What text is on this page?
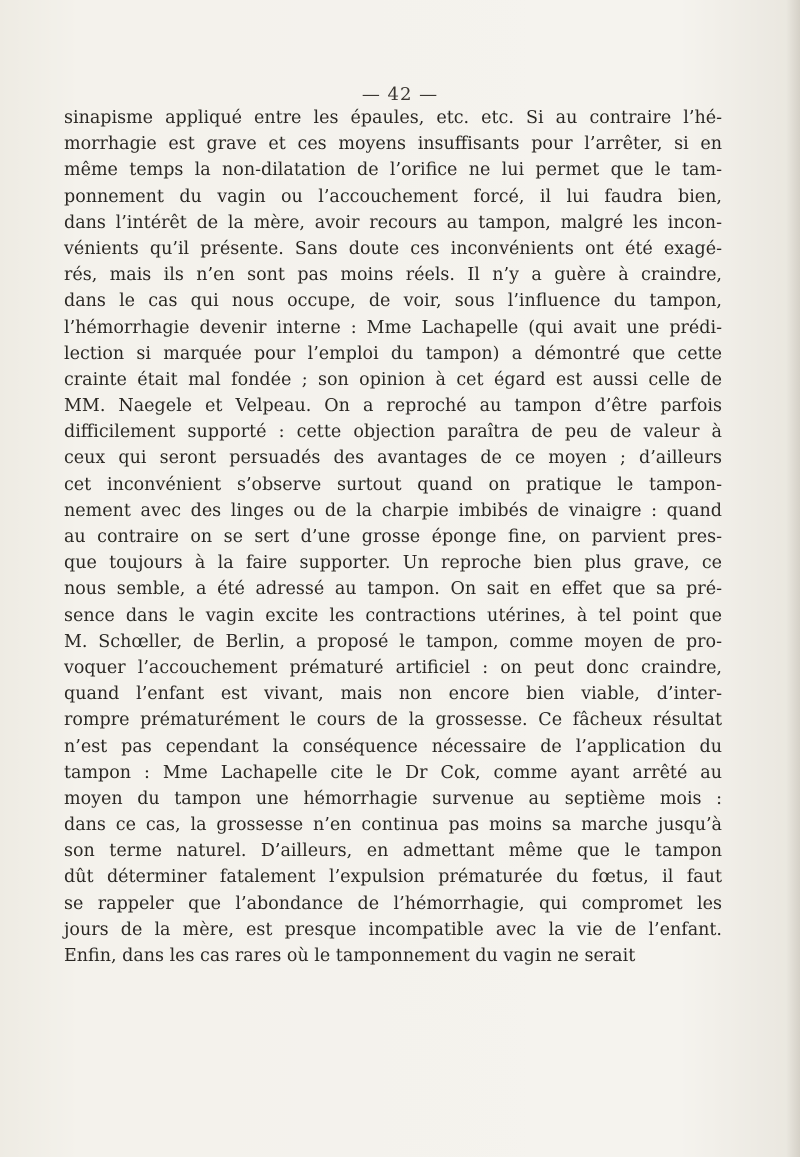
— 42 —
sinapisme appliqué entre les épaules, etc. etc. Si au contraire l’hé-
morrhagie est grave et ces moyens insuffisants pour l’arrêter, si en
même temps la non-dilatation de l’orifice ne lui permet que le tam-
ponnement du vagin ou l’accouchement forcé, il lui faudra bien,
dans l’intérêt de la mère, avoir recours au tampon, malgré les incon-
vénients qu’il présente. Sans doute ces inconvénients ont été exagé-
rés, mais ils n’en sont pas moins réels. Il n’y a guère à craindre,
dans le cas qui nous occupe, de voir, sous l’influence du tampon,
l’hémorrhagie devenir interne : Mme Lachapelle (qui avait une prédi-
lection si marquée pour l’emploi du tampon) a démontré que cette
crainte était mal fondée ; son opinion à cet égard est aussi celle de
MM. Naegele et Velpeau. On a reproché au tampon d’être parfois
difficilement supporté : cette objection paraîtra de peu de valeur à
ceux qui seront persuadés des avantages de ce moyen ; d’ailleurs
cet inconvénient s’observe surtout quand on pratique le tampon-
nement avec des linges ou de la charpie imbibés de vinaigre : quand
au contraire on se sert d’une grosse éponge fine, on parvient pres-
que toujours à la faire supporter. Un reproche bien plus grave, ce
nous semble, a été adressé au tampon. On sait en effet que sa pré-
sence dans le vagin excite les contractions utérines, à tel point que
M. Schœller, de Berlin, a proposé le tampon, comme moyen de pro-
voquer l’accouchement prématuré artificiel : on peut donc craindre,
quand l’enfant est vivant, mais non encore bien viable, d’inter-
rompre prématurément le cours de la grossesse. Ce fâcheux résultat
n’est pas cependant la conséquence nécessaire de l’application du
tampon : Mme Lachapelle cite le Dr Cok, comme ayant arrêté au
moyen du tampon une hémorrhagie survenue au septième mois :
dans ce cas, la grossesse n’en continua pas moins sa marche jusqu’à
son terme naturel. D’ailleurs, en admettant même que le tampon
dût déterminer fatalement l’expulsion prématurée du fœtus, il faut
se rappeler que l’abondance de l’hémorrhagie, qui compromet les
jours de la mère, est presque incompatible avec la vie de l’enfant.
Enfin, dans les cas rares où le tamponnement du vagin ne serait
